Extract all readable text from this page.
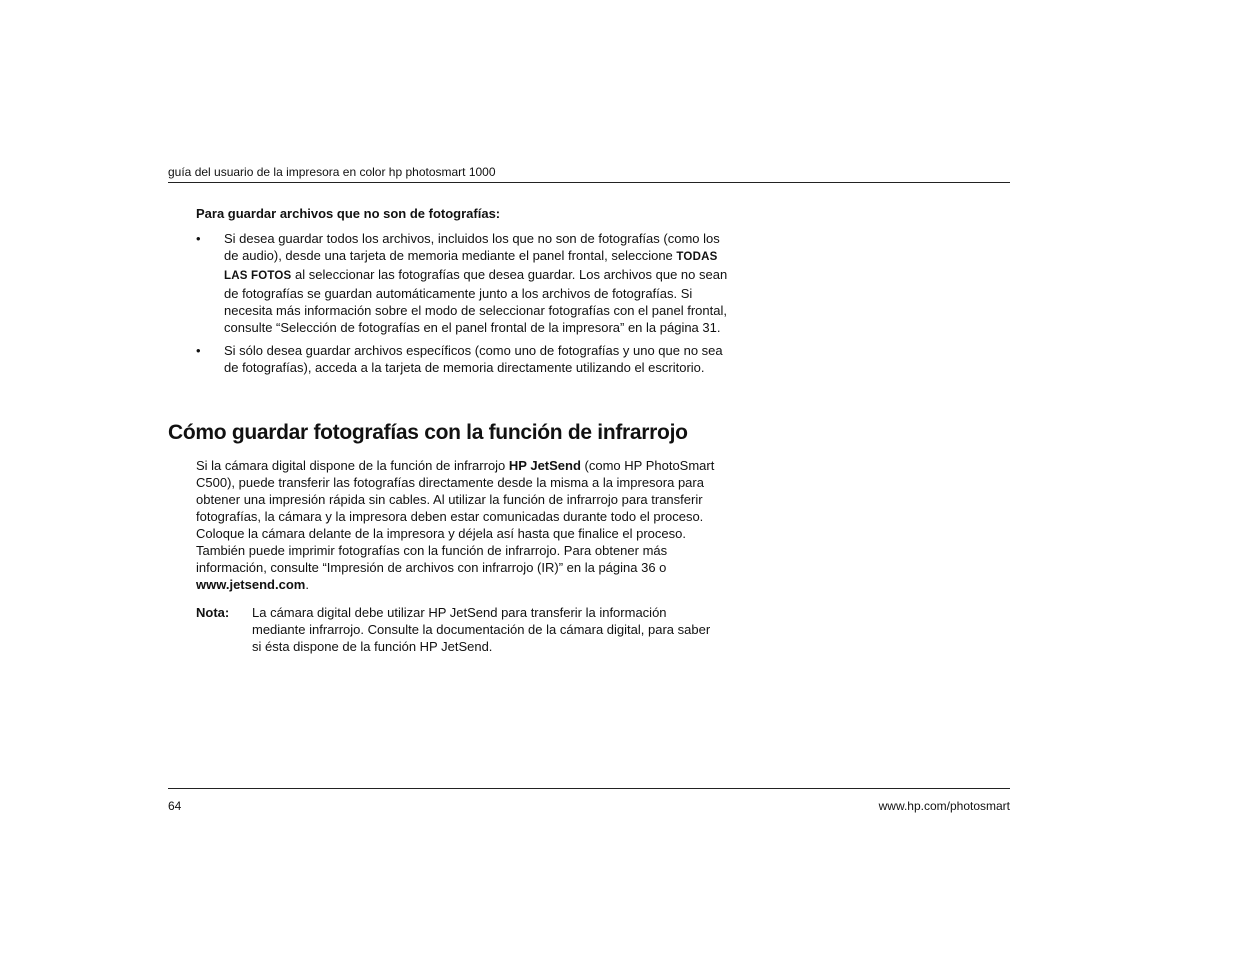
guía del usuario de la impresora en color hp photosmart 1000
Para guardar archivos que no son de fotografías:
•	Si desea guardar todos los archivos, incluidos los que no son de fotografías (como los de audio), desde una tarjeta de memoria mediante el panel frontal, seleccione TODAS LAS FOTOS al seleccionar las fotografías que desea guardar. Los archivos que no sean de fotografías se guardan automáticamente junto a los archivos de fotografías. Si necesita más información sobre el modo de seleccionar fotografías con el panel frontal, consulte “Selección de fotografías en el panel frontal de la impresora” en la página 31.
•	Si sólo desea guardar archivos específicos (como uno de fotografías y uno que no sea de fotografías), acceda a la tarjeta de memoria directamente utilizando el escritorio.
Cómo guardar fotografías con la función de infrarrojo

Si la cámara digital dispone de la función de infrarrojo HP JetSend (como HP PhotoSmart C500), puede transferir las fotografías directamente desde la misma a la impresora para obtener una impresión rápida sin cables. Al utilizar la función de infrarrojo para transferir fotografías, la cámara y la impresora deben estar comunicadas durante todo el proceso. Coloque la cámara delante de la impresora y déjela así hasta que finalice el proceso. También puede imprimir fotografías con la función de infrarrojo. Para obtener más información, consulte “Impresión de archivos con infrarrojo (IR)” en la página 36 o www.jetsend.com.

Nota: La cámara digital debe utilizar HP JetSend para transferir la información mediante infrarrojo. Consulte la documentación de la cámara digital, para saber si ésta dispone de la función HP JetSend.
64	www.hp.com/photosmart
